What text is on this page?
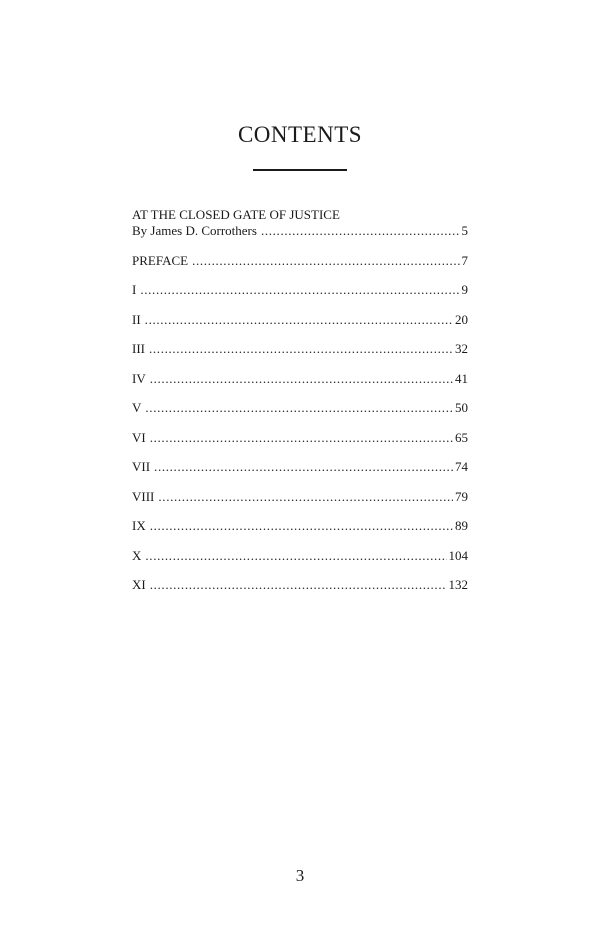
CONTENTS
AT THE CLOSED GATE OF JUSTICE
By James D. Corrothers . . .	5
PREFACE . . .	7
I . . .	9
II . . .	20
III . . .	32
IV . . .	41
V . . .	50
VI . . .	65
VII . . .	74
VIII . . .	79
IX . . .	89
X . . .	104
XI . . .	132
3
